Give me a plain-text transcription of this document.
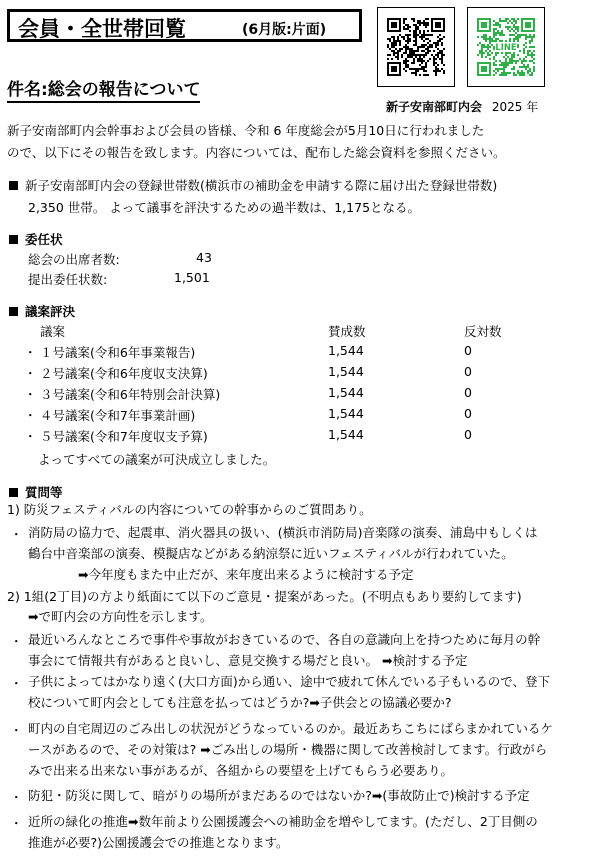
会員・全世帯回覧	(6月版:片面)
LINE
件名:総会の報告について
新子安南部町内会 2025 年
新子安南部町内会幹事および会員の皆様、令和 6 年度総会が5月10日に行われました
ので、以下にその報告を致します。内容については、配布した総会資料を参照ください。
新子安南部町内会の登録世帯数(横浜市の補助金を申請する際に届け出た登録世帯数)
2,350 世帯。 よって議事を評決するための過半数は、1,175となる。
委任状
総会の出席者数:	43
提出委任状数:	1,501
議案評決
議案	賛成数	反対数
・ １号議案(令和6年事業報告)	1,544	0
・ ２号議案(令和6年度収支決算)	1,544	0
・ ３号議案(令和6年特別会計決算)	1,544	0
・ ４号議案(令和7年事業計画)	1,544	0
・ ５号議案(令和7年度収支予算)	1,544	0
よってすべての議案が可決成立しました。
質問等
1) 防災フェスティバルの内容についての幹事からのご質問あり。
・ 消防局の協力で、起震車、消火器具の扱い、(横浜市消防局)音楽隊の演奏、浦島中もしくは
鶴台中音楽部の演奏、模擬店などがある納涼祭に近いフェスティバルが行われていた。
➡今年度もまた中止だが、来年度出来るように検討する予定
2) 1組(2丁目)の方より紙面にて以下のご意見・提案があった。(不明点もあり要約してます)
➡で町内会の方向性を示します。
・ 最近いろんなところで事件や事故がおきているので、各自の意識向上を持つために毎月の幹
事会にて情報共有があると良いし、意見交換する場だと良い。 ➡検討する予定
・ 子供によってはかなり遠く(大口方面)から通い、途中で疲れて休んでいる子もいるので、登下
校について町内会としても注意を払ってはどうか?➡子供会との協議必要か?
・ 町内の自宅周辺のごみ出しの状況がどうなっているのか。最近あちこちにばらまかれているケ
ースがあるので、その対策は? ➡ごみ出しの場所・機器に関して改善検討してます。行政がら
みで出来る出来ない事があるが、各組からの要望を上げてもらう必要あり。
・ 防犯・防災に関して、暗がりの場所がまだあるのではないか?➡(事故防止で)検討する予定
・ 近所の緑化の推進➡数年前より公園援護会への補助金を増やしてます。(ただし、2丁目側の
推進が必要?)公園援護会での推進となります。
